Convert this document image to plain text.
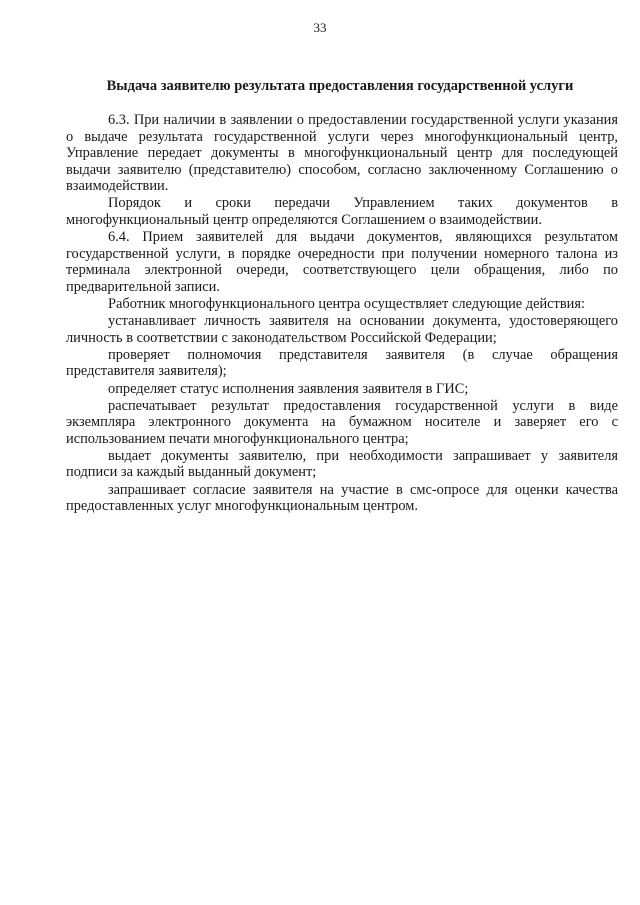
33
Выдача заявителю результата предоставления государственной услуги

6.3. При наличии в заявлении о предоставлении государственной услуги указания о выдаче результата государственной услуги через многофункциональный центр, Управление передает документы в многофункциональный центр для последующей выдачи заявителю (представителю) способом, согласно заключенному Соглашению о взаимодействии.

Порядок и сроки передачи Управлением таких документов в многофункциональный центр определяются Соглашением о взаимодействии.

6.4. Прием заявителей для выдачи документов, являющихся результатом государственной услуги, в порядке очередности при получении номерного талона из терминала электронной очереди, соответствующего цели обращения, либо по предварительной записи.

Работник многофункционального центра осуществляет следующие действия:

устанавливает личность заявителя на основании документа, удостоверяющего личность в соответствии с законодательством Российской Федерации;

проверяет полномочия представителя заявителя (в случае обращения представителя заявителя);

определяет статус исполнения заявления заявителя в ГИС;

распечатывает результат предоставления государственной услуги в виде экземпляра электронного документа на бумажном носителе и заверяет его с использованием печати многофункционального центра;

выдает документы заявителю, при необходимости запрашивает у заявителя подписи за каждый выданный документ;

запрашивает согласие заявителя на участие в смс-опросе для оценки качества предоставленных услуг многофункциональным центром.
